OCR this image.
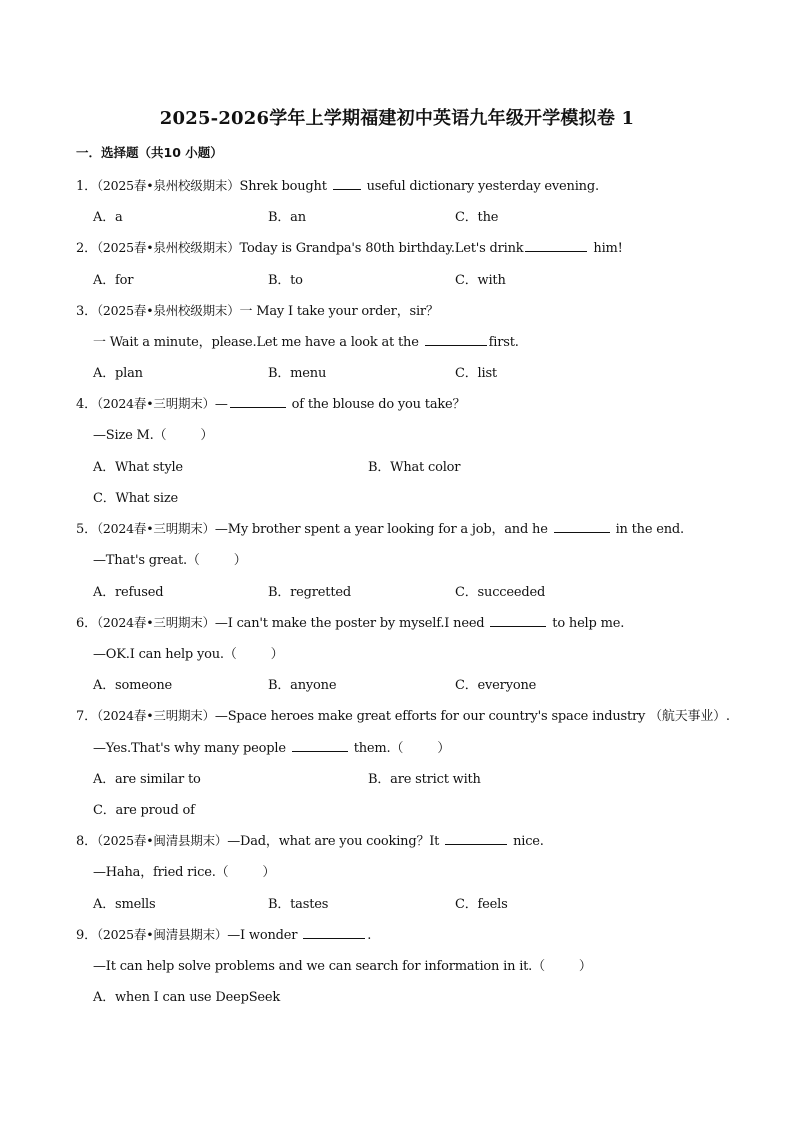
2025-2026学年上学期福建初中英语九年级开学模拟卷 1
一．选择题（共10 小题）
1．（2025春•泉州校级期末）Shrek bought  useful dictionary yesterday evening.
A．a	B．an	C．the
2．（2025春•泉州校级期末）Today is Grandpa's 80th birthday.Let's drink	him!
A．for	B．to	C．with
3．（2025春•泉州校级期末）一 May I take your order，sir？
一 Wait a minute，please.Let me have a look at the	first.
A．plan	B．menu	C．list
4．（2024春•三明期末）—	of the blouse do you take？
—Size M.（	）
A．What style	B．What color
C．What size
5．（2024春•三明期末）—My brother spent a year looking for a job，and he	in the end.
—That's great.（	）
A．refused	B．regretted	C．succeeded
6．（2024春•三明期末）—I can't make the poster by myself.I need	to help me.
—OK.I can help you.（	）
A．someone	B．anyone	C．everyone
7．（2024春•三明期末）—Space heroes make great efforts for our country's space industry （航天事业）.
—Yes.That's why many people	them.（	）
A．are similar to	B．are strict with
C．are proud of
8．（2025春•闽清县期末）—Dad，what are you cooking？It	nice.
—Haha，fried rice.（	）
A．smells	B．tastes	C．feels
9．（2025春•闽清县期末）—I wonder	.
—It can help solve problems and we can search for information in it.（	）
A．when I can use DeepSeek
